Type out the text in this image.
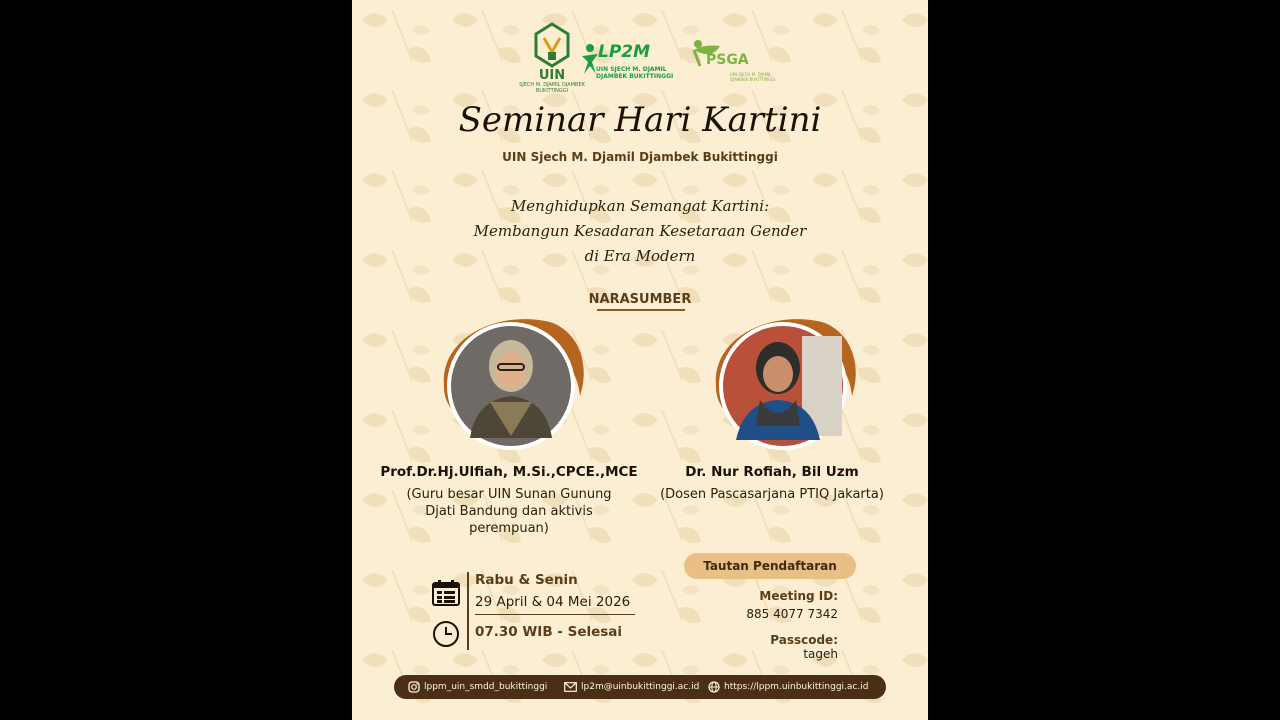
UIN
SJECH M. DJAMIL DJAMBEK BUKITTINGGI
LP2M
UIN SJECH M. DJAMIL DJAMBEK BUKITTINGGI
PSGA
UIN SJECH M. DJAMIL DJAMBEK BUKITTINGGI
Seminar Hari Kartini
UIN Sjech M. Djamil Djambek Bukittinggi
Menghidupkan Semangat Kartini:
Membangun Kesadaran Kesetaraan Gender
di Era Modern
NARASUMBER
Prof.Dr.Hj.Ulfiah, M.Si.,CPCE.,MCE
(Guru besar UIN Sunan Gunung
Djati Bandung dan aktivis
perempuan)
Dr. Nur Rofiah, Bil Uzm
(Dosen Pascasarjana PTIQ Jakarta)
Rabu & Senin
29 April & 04 Mei 2026
07.30 WIB - Selesai
Tautan Pendaftaran
Meeting ID:
885 4077 7342
Passcode:
tageh
lppm_uin_smdd_bukittinggi	lp2m@uinbukittinggi.ac.id	https://lppm.uinbukittinggi.ac.id
